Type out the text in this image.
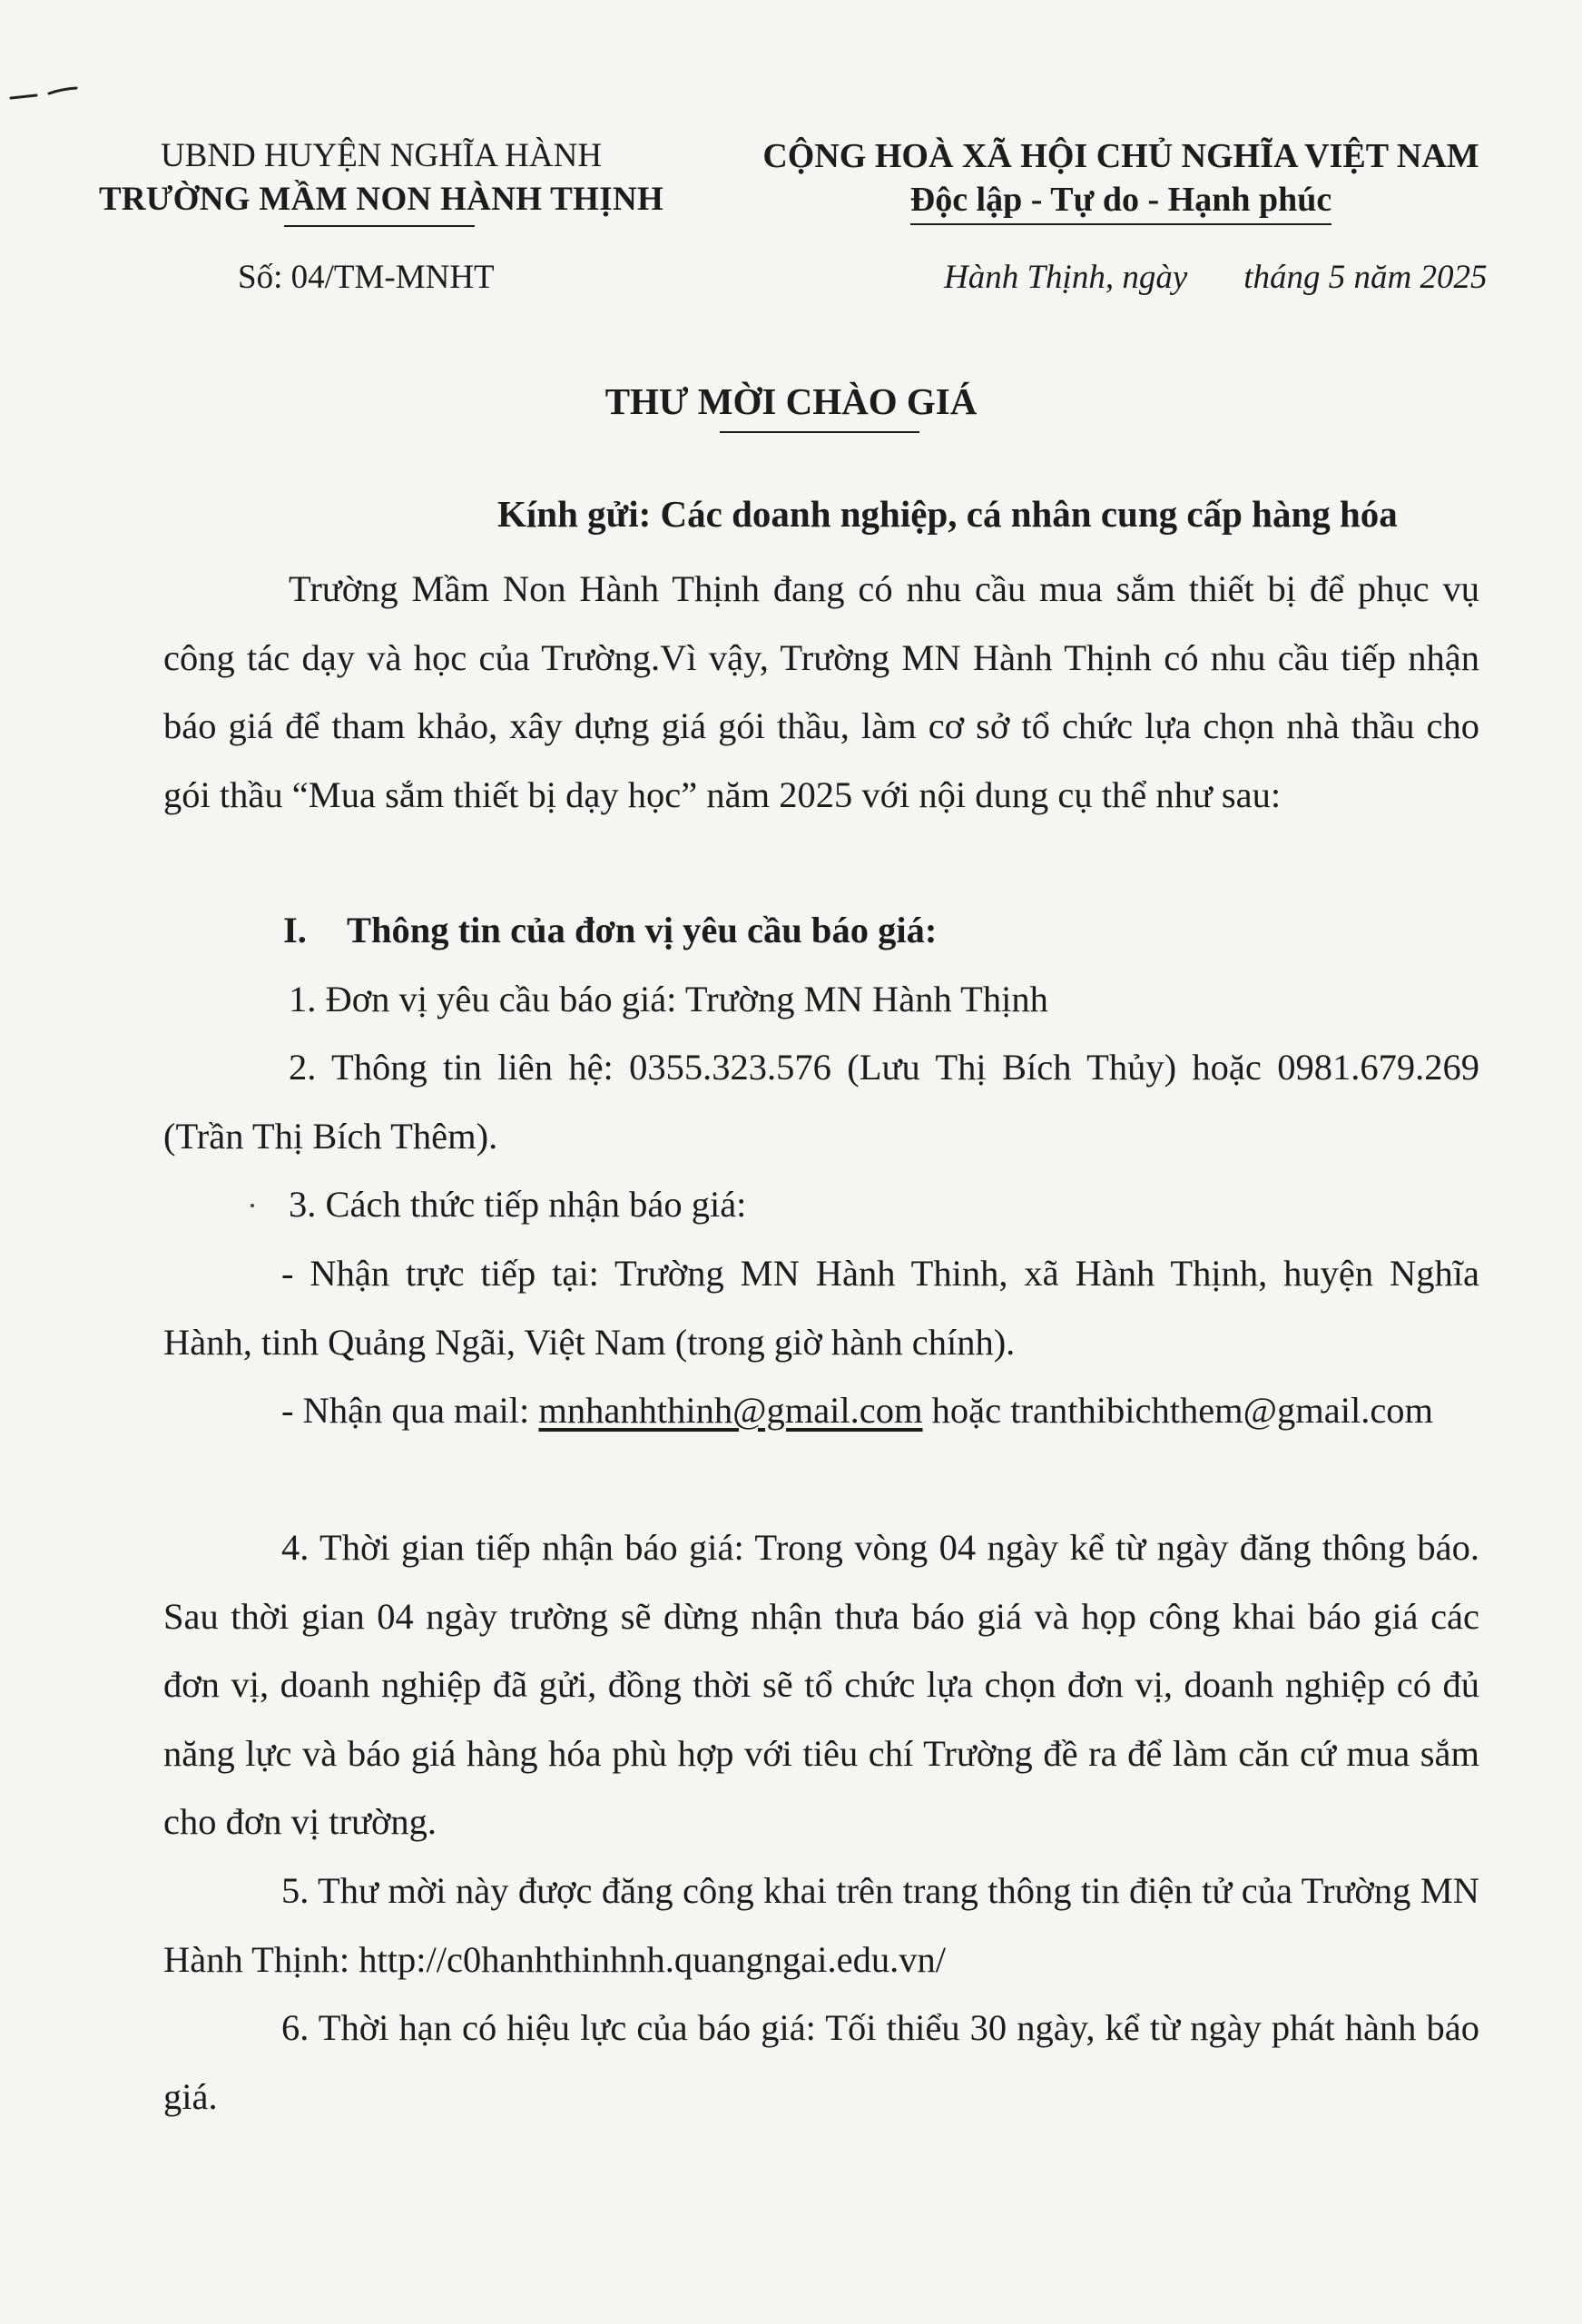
UBND HUYỆN NGHĨA HÀNH
TRƯỜNG MẦM NON HÀNH THỊNH
CỘNG HOÀ XÃ HỘI CHỦ NGHĨA VIỆT NAM
Độc lập - Tự do - Hạnh phúc
Số: 04/TM-MNHT	Hành Thịnh, ngày tháng 5 năm 2025
THƯ MỜI CHÀO GIÁ
Kính gửi: Các doanh nghiệp, cá nhân cung cấp hàng hóa
Trường Mầm Non Hành Thịnh đang có nhu cầu mua sắm thiết bị để phục vụ công tác dạy và học của Trường.Vì vậy, Trường MN Hành Thịnh có nhu cầu tiếp nhận báo giá để tham khảo, xây dựng giá gói thầu, làm cơ sở tổ chức lựa chọn nhà thầu cho gói thầu “Mua sắm thiết bị dạy học” năm 2025 với nội dung cụ thể như sau:
I. Thông tin của đơn vị yêu cầu báo giá:
1. Đơn vị yêu cầu báo giá: Trường MN Hành Thịnh
2. Thông tin liên hệ: 0355.323.576 (Lưu Thị Bích Thủy) hoặc 0981.679.269 (Trần Thị Bích Thêm).
3. Cách thức tiếp nhận báo giá:
- Nhận trực tiếp tại: Trường MN Hành Thinh, xã Hành Thịnh, huyện Nghĩa Hành, tinh Quảng Ngãi, Việt Nam (trong giờ hành chính).
- Nhận qua mail: mnhanhthinh@gmail.com hoặc tranthibichthem@gmail.com
4. Thời gian tiếp nhận báo giá: Trong vòng 04 ngày kể từ ngày đăng thông báo. Sau thời gian 04 ngày trường sẽ dừng nhận thưa báo giá và họp công khai báo giá các đơn vị, doanh nghiệp đã gửi, đồng thời sẽ tổ chức lựa chọn đơn vị, doanh nghiệp có đủ năng lực và báo giá hàng hóa phù hợp với tiêu chí Trường đề ra để làm căn cứ mua sắm cho đơn vị trường.
5. Thư mời này được đăng công khai trên trang thông tin điện tử của Trường MN Hành Thịnh: http://c0hanhthinhnh.quangngai.edu.vn/
6. Thời hạn có hiệu lực của báo giá: Tối thiểu 30 ngày, kể từ ngày phát hành báo giá.
